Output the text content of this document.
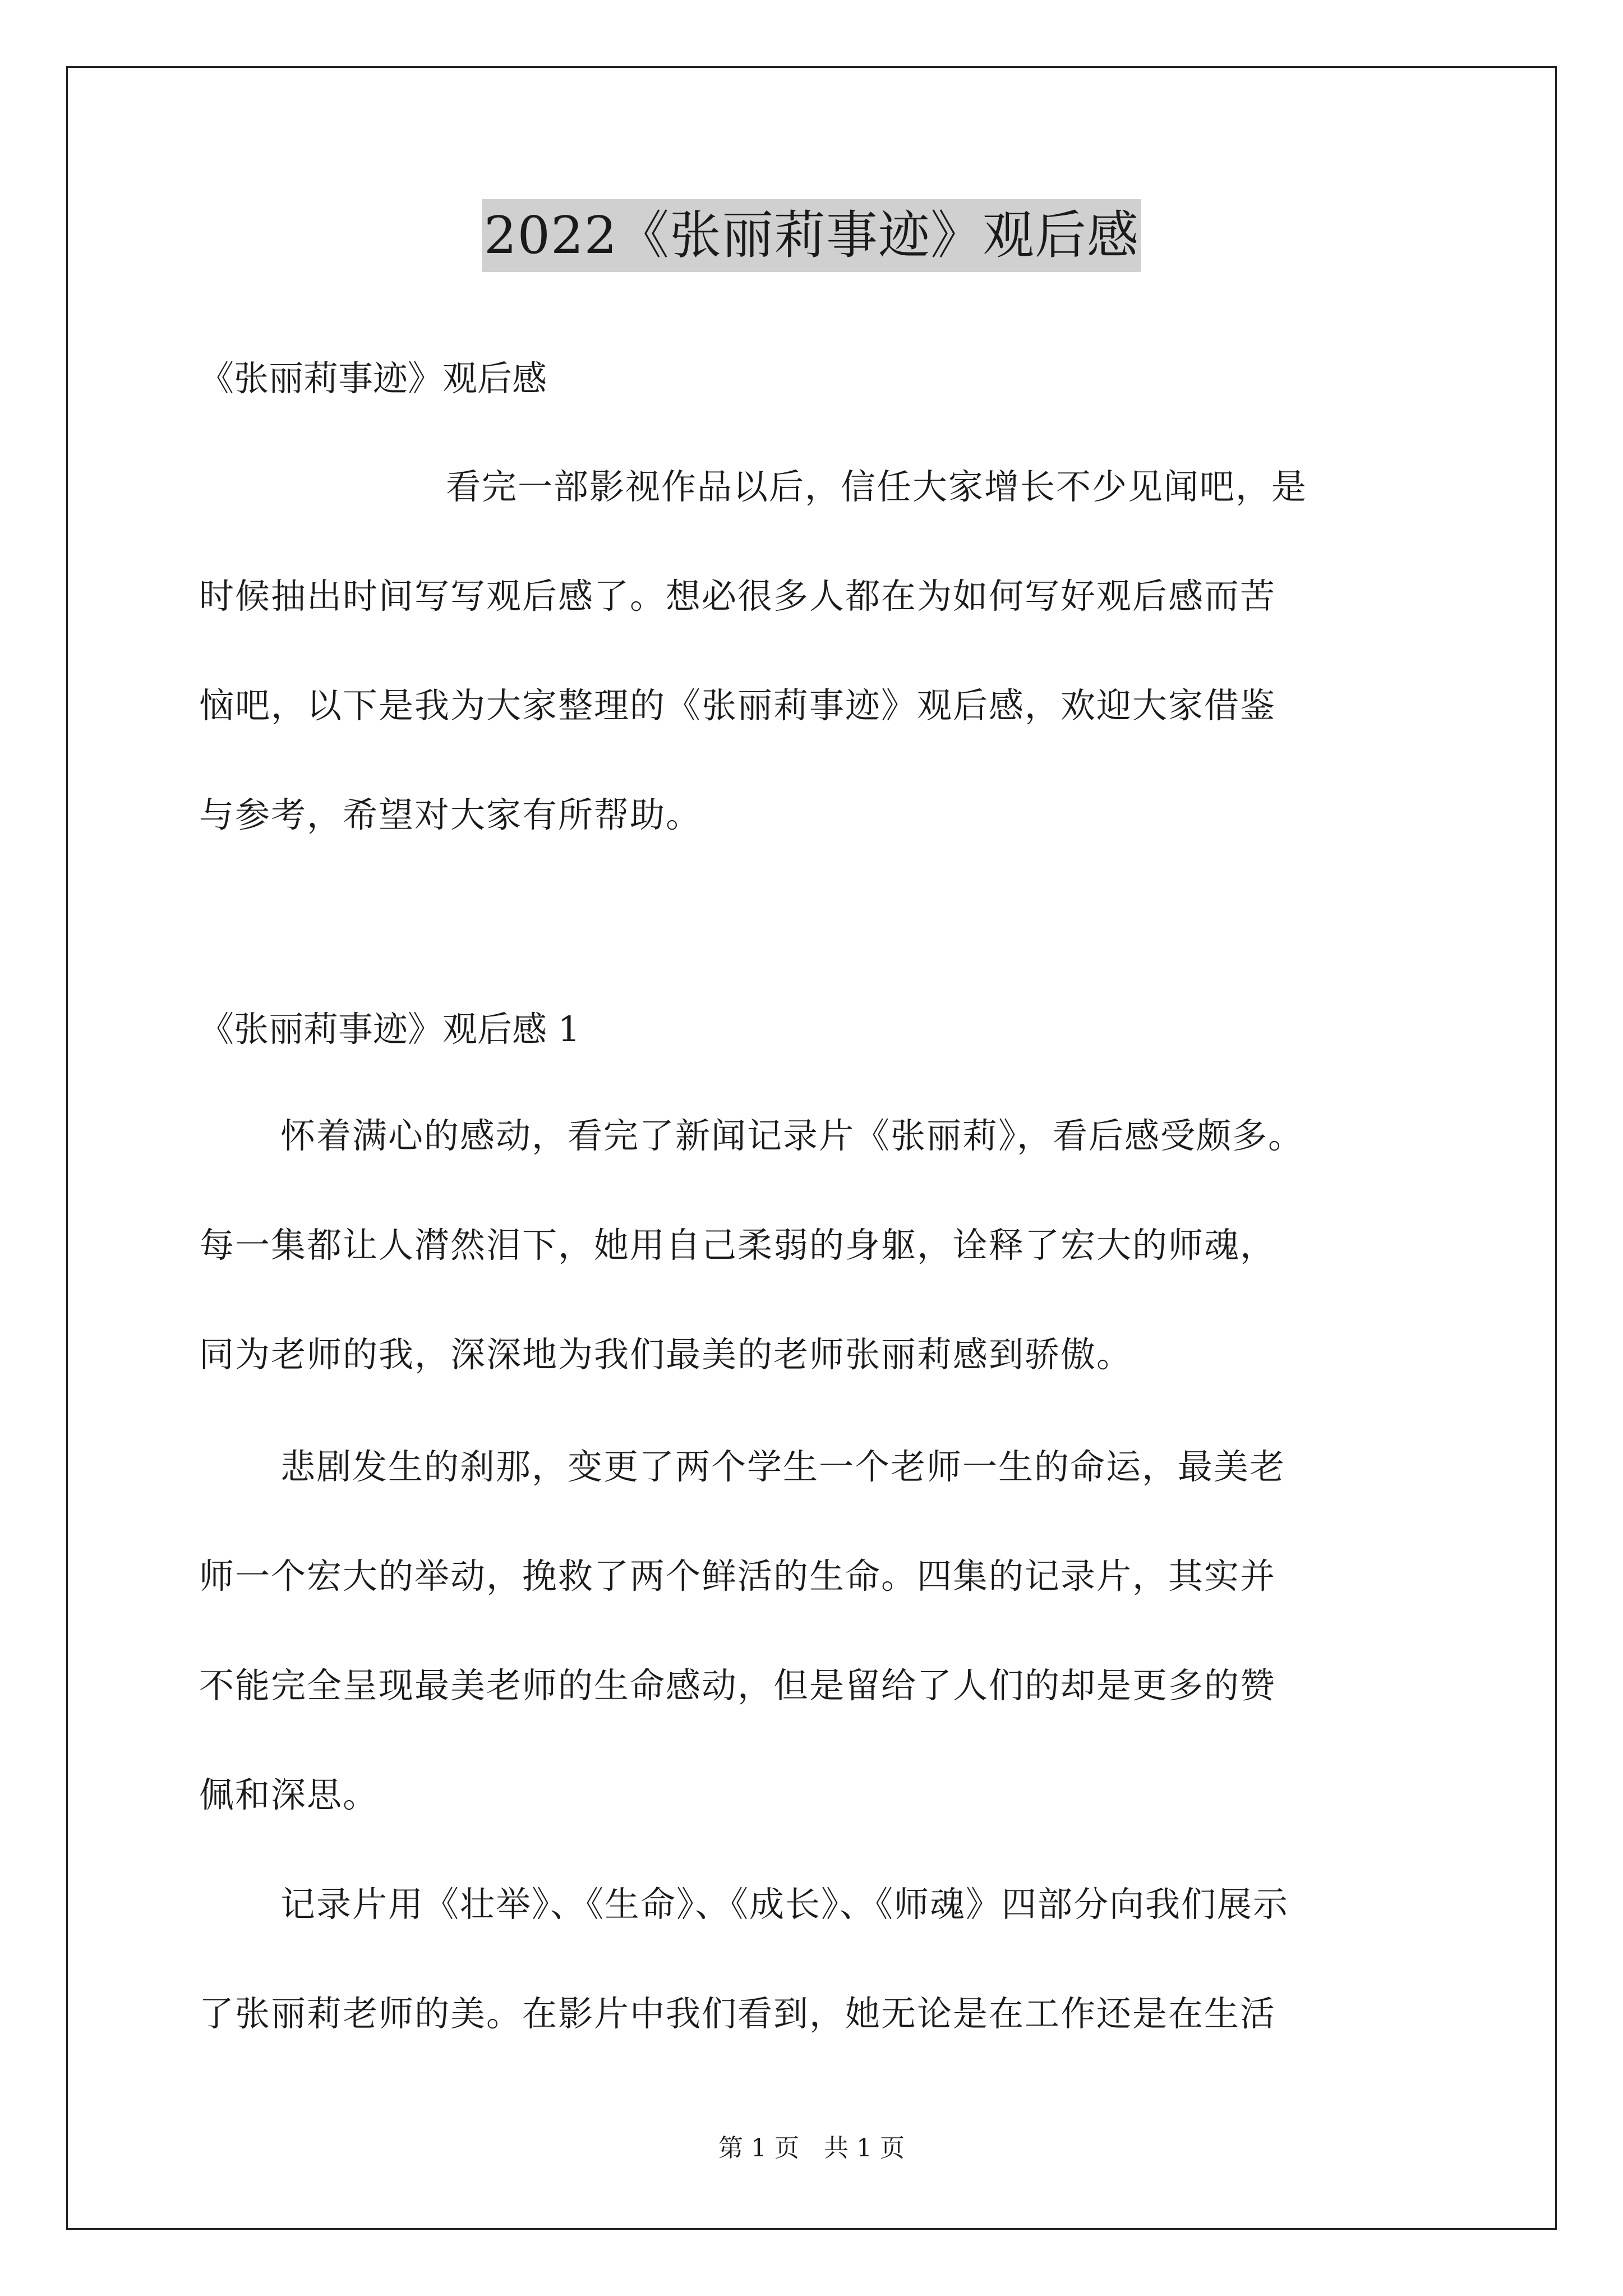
2022《张丽莉事迹》观后感
《张丽莉事迹》观后感
看完一部影视作品以后，信任大家增长不少见闻吧，是
时候抽出时间写写观后感了。想必很多人都在为如何写好观后感而苦
恼吧，以下是我为大家整理的《张丽莉事迹》观后感，欢迎大家借鉴
与参考，希望对大家有所帮助。
《张丽莉事迹》观后感 1
怀着满心的感动，看完了新闻记录片《张丽莉》，看后感受颇多。
每一集都让人潸然泪下，她用自己柔弱的身躯，诠释了宏大的师魂，
同为老师的我，深深地为我们最美的老师张丽莉感到骄傲。
悲剧发生的刹那，变更了两个学生一个老师一生的命运，最美老
师一个宏大的举动，挽救了两个鲜活的生命。四集的记录片，其实并
不能完全呈现最美老师的生命感动，但是留给了人们的却是更多的赞
佩和深思。
记录片用《壮举》、《生命》、《成长》、《师魂》四部分向我们展示
了张丽莉老师的美。在影片中我们看到，她无论是在工作还是在生活
第 1 页　共 1 页
